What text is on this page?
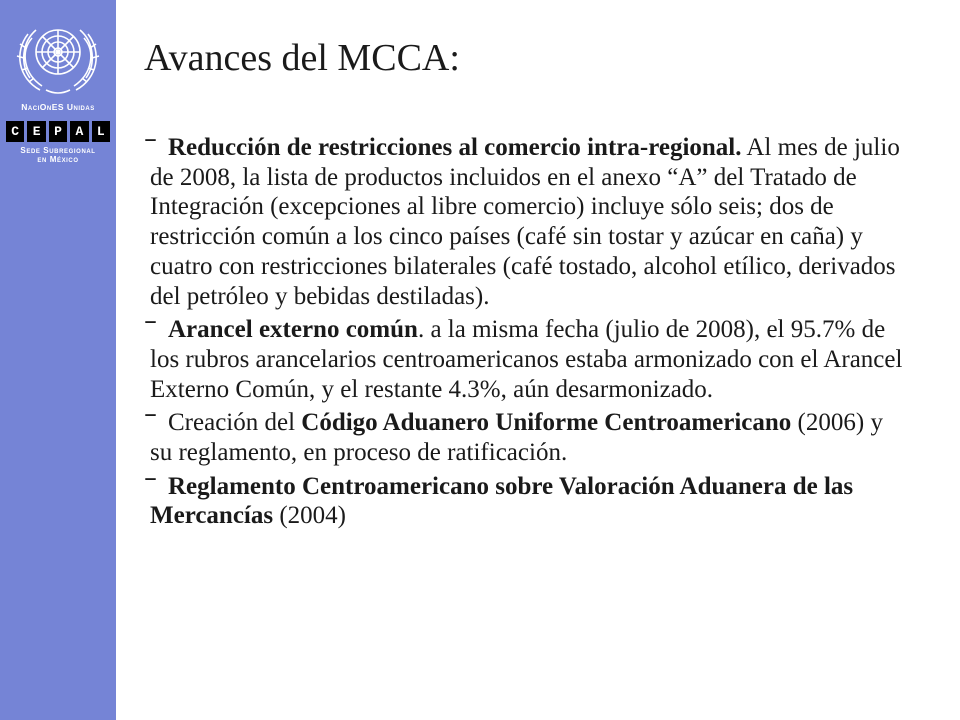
NaciOnES Unidas
C	E	P	A	L
Sede Subregional
en México
Avances del MCCA:
– Reducción de restricciones al comercio intra-regional. Al mes de julio de 2008, la lista de productos incluidos en el anexo “A” del Tratado de Integración (excepciones al libre comercio) incluye sólo seis; dos de restricción común a los cinco países (café sin tostar y azúcar en caña) y cuatro con restricciones bilaterales (café tostado, alcohol etílico, derivados del petróleo y bebidas destiladas).
– Arancel externo común. a la misma fecha (julio de 2008), el 95.7% de los rubros arancelarios centroamericanos estaba armonizado con el Arancel Externo Común, y el restante 4.3%, aún desarmonizado.
– Creación del Código Aduanero Uniforme Centroamericano (2006) y su reglamento, en proceso de ratificación.
– Reglamento Centroamericano sobre Valoración Aduanera de las Mercancías (2004)
